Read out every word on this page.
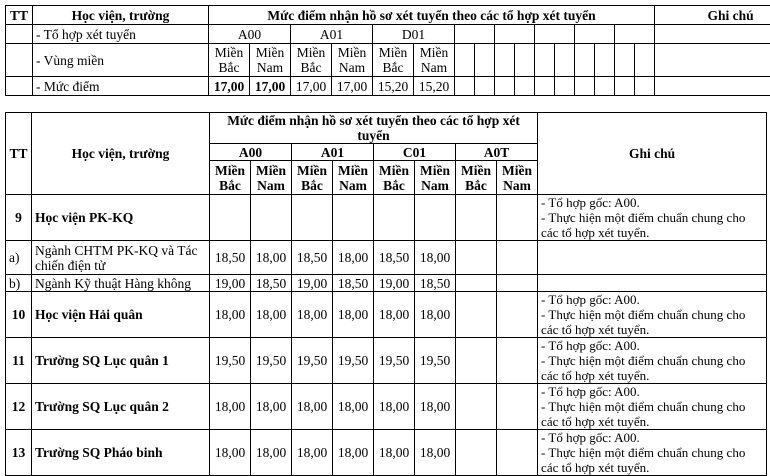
TT	Học viện, trường	Mức điểm nhận hồ sơ xét tuyển theo các tổ hợp xét tuyển																Ghi chú
	- Tổ hợp xét tuyển	A00		A01		D01												
	- Vùng miền	Miền Bắc	Miền Nam	Miền Bắc	Miền Nam	Miền Bắc	Miền Nam											
	- Mức điểm	17,00	17,00	17,00	17,00	15,20	15,20											
TT	Học viện, trường	Mức điểm nhận hồ sơ xét tuyển theo các tổ hợp xét tuyển								Ghi chú
		A00		A01		C01		A0T		
		Miền Bắc	Miền Nam	Miền Bắc	Miền Nam	Miền Bắc	Miền Nam	Miền Bắc	Miền Nam	
9	Học viện PK-KQ									- Tổ hợp gốc: A00.
- Thực hiện một điểm chuẩn chung cho các tổ hợp xét tuyển.

a)	Ngành CHTM PK-KQ và Tác chiến điện tử	18,50	18,00	18,50	18,00	18,50	18,00			
b)	Ngành Kỹ thuật Hàng không	19,00	18,50	19,00	18,50	19,00	18,50			
10	Học viện Hải quân	18,00	18,00	18,00	18,00	18,00	18,00			- Tổ hợp gốc: A00.
- Thực hiện một điểm chuẩn chung cho các tổ hợp xét tuyển.

11	Trường SQ Lục quân 1	19,50	19,50	19,50	19,50	19,50	19,50			- Tổ hợp gốc: A00.
- Thực hiện một điểm chuẩn chung cho các tổ hợp xét tuyển.

12	Trường SQ Lục quân 2	18,00	18,00	18,00	18,00	18,00	18,00			- Tổ hợp gốc: A00.
- Thực hiện một điểm chuẩn chung cho các tổ hợp xét tuyển.

13	Trường SQ Pháo binh	18,00	18,00	18,00	18,00	18,00	18,00			- Tổ hợp gốc: A00.
- Thực hiện một điểm chuẩn chung cho các tổ hợp xét tuyển.
